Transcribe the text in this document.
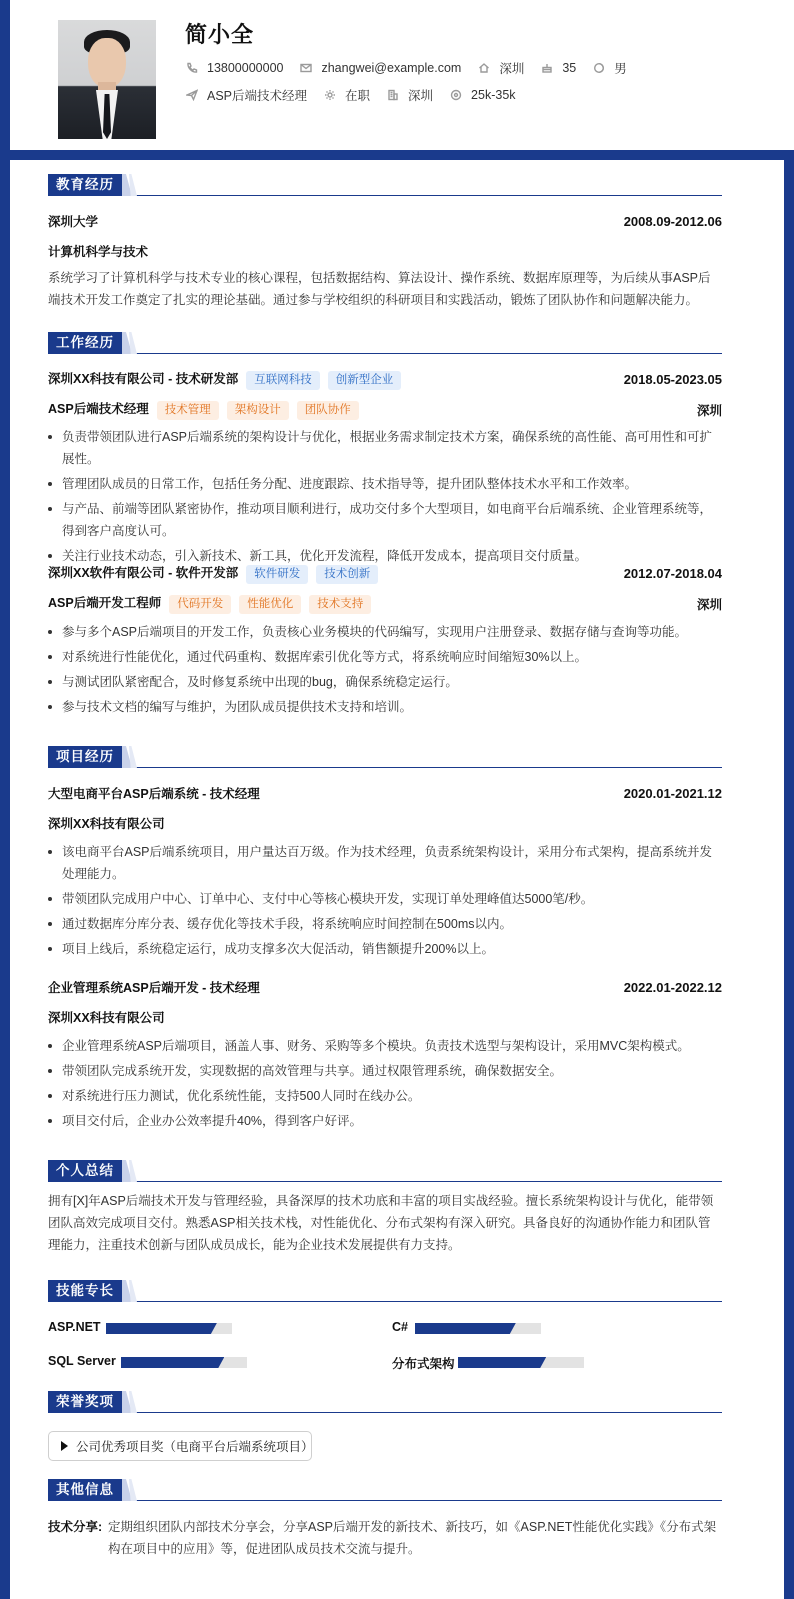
简小全
13800000000	zhangwei@example.com	深圳	35	男
ASP后端技术经理	在职	深圳	25k-35k
教育经历
深圳大学	2008.09-2012.06
计算机科学与技术
系统学习了计算机科学与技术专业的核心课程，包括数据结构、算法设计、操作系统、数据库原理等，为后续从事ASP后端技术开发工作奠定了扎实的理论基础。通过参与学校组织的科研项目和实践活动，锻炼了团队协作和问题解决能力。
工作经历
深圳XX科技有限公司 - 技术研发部 互联网科技 创新型企业	2018.05-2023.05
ASP后端技术经理 技术管理 架构设计 团队协作	深圳
负责带领团队进行ASP后端系统的架构设计与优化，根据业务需求制定技术方案，确保系统的高性能、高可用性和可扩展性。
管理团队成员的日常工作，包括任务分配、进度跟踪、技术指导等，提升团队整体技术水平和工作效率。
与产品、前端等团队紧密协作，推动项目顺利进行，成功交付多个大型项目，如电商平台后端系统、企业管理系统等，得到客户高度认可。
关注行业技术动态，引入新技术、新工具，优化开发流程，降低开发成本，提高项目交付质量。
深圳XX软件有限公司 - 软件开发部 软件研发 技术创新	2012.07-2018.04
ASP后端开发工程师 代码开发 性能优化 技术支持	深圳
参与多个ASP后端项目的开发工作，负责核心业务模块的代码编写，实现用户注册登录、数据存储与查询等功能。
对系统进行性能优化，通过代码重构、数据库索引优化等方式，将系统响应时间缩短30%以上。
与测试团队紧密配合，及时修复系统中出现的bug，确保系统稳定运行。
参与技术文档的编写与维护，为团队成员提供技术支持和培训。
项目经历
大型电商平台ASP后端系统 - 技术经理	2020.01-2021.12
深圳XX科技有限公司
该电商平台ASP后端系统项目，用户量达百万级。作为技术经理，负责系统架构设计，采用分布式架构，提高系统并发处理能力。
带领团队完成用户中心、订单中心、支付中心等核心模块开发，实现订单处理峰值达5000笔/秒。
通过数据库分库分表、缓存优化等技术手段，将系统响应时间控制在500ms以内。
项目上线后，系统稳定运行，成功支撑多次大促活动，销售额提升200%以上。
企业管理系统ASP后端开发 - 技术经理	2022.01-2022.12
深圳XX科技有限公司
企业管理系统ASP后端项目，涵盖人事、财务、采购等多个模块。负责技术选型与架构设计，采用MVC架构模式。
带领团队完成系统开发，实现数据的高效管理与共享。通过权限管理系统，确保数据安全。
对系统进行压力测试，优化系统性能，支持500人同时在线办公。
项目交付后，企业办公效率提升40%，得到客户好评。
个人总结
拥有[X]年ASP后端技术开发与管理经验，具备深厚的技术功底和丰富的项目实战经验。擅长系统架构设计与优化，能带领团队高效完成项目交付。熟悉ASP相关技术栈，对性能优化、分布式架构有深入研究。具备良好的沟通协作能力和团队管理能力，注重技术创新与团队成员成长，能为企业技术发展提供有力支持。
技能专长
ASP.NET	C#
SQL Server	分布式架构
荣誉奖项
公司优秀项目奖（电商平台后端系统项目）
其他信息
技术分享: 定期组织团队内部技术分享会，分享ASP后端开发的新技术、新技巧，如《ASP.NET性能优化实践》《分布式架构在项目中的应用》等，促进团队成员技术交流与提升。
